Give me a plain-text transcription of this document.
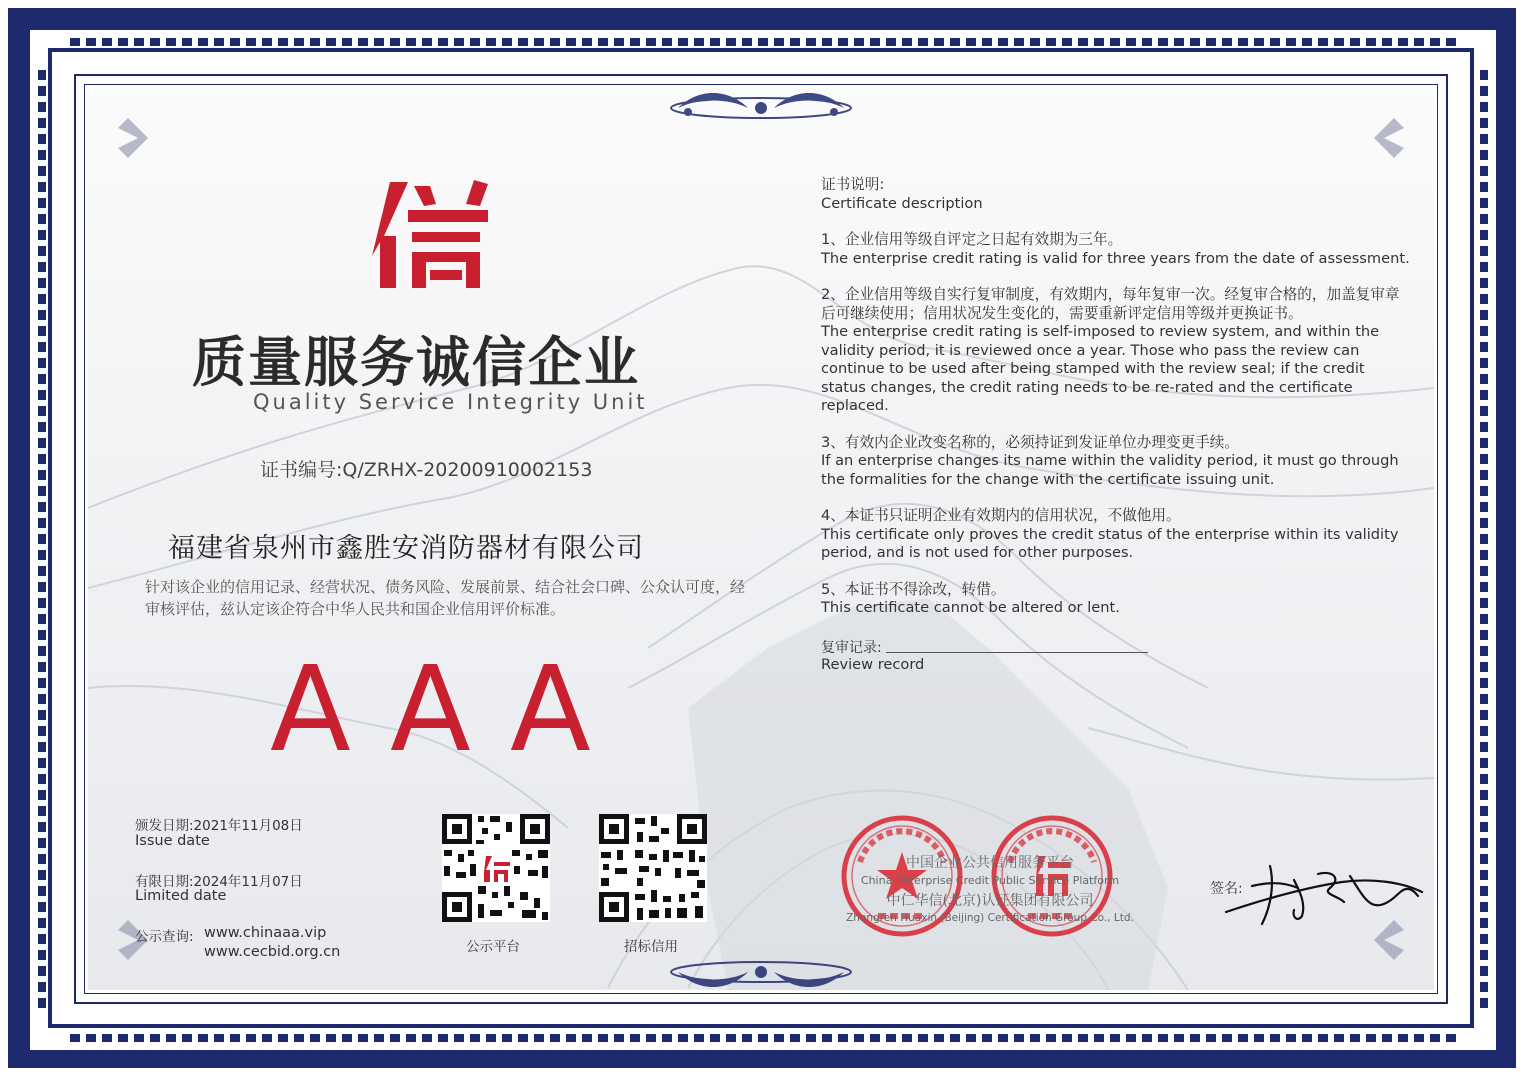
质量服务诚信企业
Quality Service Integrity Unit
证书编号:Q/ZRHX-20200910002153
福建省泉州市鑫胜安消防器材有限公司
针对该企业的信用记录、经营状况、债务风险、发展前景、结合社会口碑、公众认可度，经审核评估，兹认定该企符合中华人民共和国企业信用评价标准。
AAA
颁发日期:2021年11月08日
Issue date
有限日期:2024年11月07日
Limited date
公示查询: www.chinaaa.vip
www.cecbid.org.cn	公示平台	招标信用

证书说明:

Certificate description

1、企业信用等级自评定之日起有效期为三年。

The enterprise credit rating is valid for three years from the date of assessment.

2、企业信用等级自实行复审制度，有效期内，每年复审一次。经复审合格的，加盖复审章后可继续使用；信用状况发生变化的，需要重新评定信用等级并更换证书。

The enterprise credit rating is self-imposed to review system, and within the validity period, it is reviewed once a year. Those who pass the review can continue to be used after being stamped with the review seal; if the credit status changes, the credit rating needs to be re-rated and the certificate replaced.

3、有效内企业改变名称的，必须持证到发证单位办理变更手续。

If an enterprise changes its name within the validity period, it must go through the formalities for the change with the certificate issuing unit.

4、本证书只证明企业有效期内的信用状况，不做他用。

This certificate only proves the credit status of the enterprise within its validity period, and is not used for other purposes.

5、本证书不得涂改，转借。

This certificate cannot be altered or lent.

复审记录:
Review record
中国企业公共信用服务平台
China Enterprise Credit Public Service Platform
中仁华信(北京)认证集团有限公司
Zhongren Huaxin (Beijing) Certification Group Co., Ltd.
签名:
